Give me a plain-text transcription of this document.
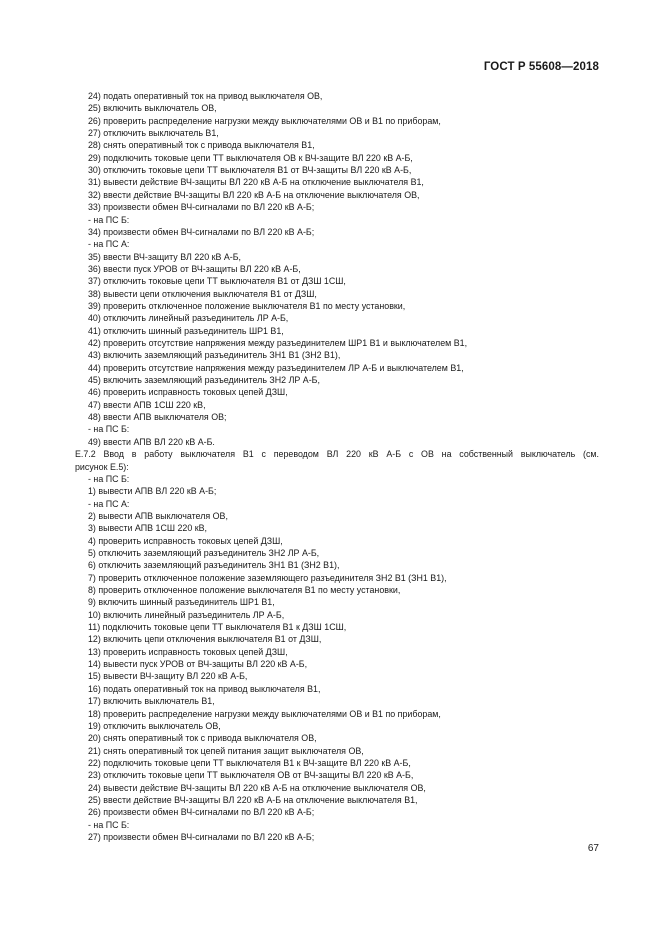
ГОСТ Р 55608—2018
24) подать оперативный ток на привод выключателя ОВ,
25) включить выключатель ОВ,
26) проверить распределение нагрузки между выключателями ОВ и В1 по приборам,
27) отключить выключатель В1,
28) снять оперативный ток с привода выключателя В1,
29) подключить токовые цепи ТТ выключателя ОВ к ВЧ-защите ВЛ 220 кВ А-Б,
30) отключить токовые цепи ТТ выключателя В1 от ВЧ-защиты ВЛ 220 кВ А-Б,
31) вывести действие ВЧ-защиты ВЛ 220 кВ А-Б на отключение выключателя В1,
32) ввести действие ВЧ-защиты ВЛ 220 кВ А-Б на отключение выключателя ОВ,
33) произвести обмен ВЧ-сигналами по ВЛ 220 кВ А-Б;
- на ПС Б:
34) произвести обмен ВЧ-сигналами по ВЛ 220 кВ А-Б;
- на ПС А:
35) ввести ВЧ-защиту ВЛ 220 кВ А-Б,
36) ввести пуск УРОВ от ВЧ-защиты ВЛ 220 кВ А-Б,
37) отключить токовые цепи ТТ выключателя В1 от ДЗШ 1СШ,
38) вывести цепи отключения выключателя В1 от ДЗШ,
39) проверить отключенное положение выключателя В1 по месту установки,
40) отключить линейный разъединитель ЛР А-Б,
41) отключить шинный разъединитель ШР1 В1,
42) проверить отсутствие напряжения между разъединителем ШР1 В1 и выключателем В1,
43) включить заземляющий разъединитель ЗН1 В1 (ЗН2 В1),
44) проверить отсутствие напряжения между разъединителем ЛР А-Б и выключателем В1,
45) включить заземляющий разъединитель ЗН2 ЛР А-Б,
46) проверить исправность токовых цепей ДЗШ,
47) ввести АПВ 1СШ 220 кВ,
48) ввести АПВ выключателя ОВ;
- на ПС Б:
49) ввести АПВ ВЛ 220 кВ А-Б.
Е.7.2 Ввод в работу выключателя В1 с переводом ВЛ 220 кВ А-Б с ОВ на собственный выключатель (см.
рисунок Е.5):
- на ПС Б:
1) вывести АПВ ВЛ 220 кВ А-Б;
- на ПС А:
2) вывести АПВ выключателя ОВ,
3) вывести АПВ 1СШ 220 кВ,
4) проверить исправность токовых цепей ДЗШ,
5) отключить заземляющий разъединитель ЗН2 ЛР А-Б,
6) отключить заземляющий разъединитель ЗН1 В1 (ЗН2 В1),
7) проверить отключенное положение заземляющего разъединителя ЗН2 В1 (ЗН1 В1),
8) проверить отключенное положение выключателя В1 по месту установки,
9) включить шинный разъединитель ШР1 В1,
10) включить линейный разъединитель ЛР А-Б,
11) подключить токовые цепи ТТ выключателя В1 к ДЗШ 1СШ,
12) включить цепи отключения выключателя В1 от ДЗШ,
13) проверить исправность токовых цепей ДЗШ,
14) вывести пуск УРОВ от ВЧ-защиты ВЛ 220 кВ А-Б,
15) вывести ВЧ-защиту ВЛ 220 кВ А-Б,
16) подать оперативный ток на привод выключателя В1,
17) включить выключатель В1,
18) проверить распределение нагрузки между выключателями ОВ и В1 по приборам,
19) отключить выключатель ОВ,
20) снять оперативный ток с привода выключателя ОВ,
21) снять оперативный ток цепей питания защит выключателя ОВ,
22) подключить токовые цепи ТТ выключателя В1 к ВЧ-защите ВЛ 220 кВ А-Б,
23) отключить токовые цепи ТТ выключателя ОВ от ВЧ-защиты ВЛ 220 кВ А-Б,
24) вывести действие ВЧ-защиты ВЛ 220 кВ А-Б на отключение выключателя ОВ,
25) ввести действие ВЧ-защиты ВЛ 220 кВ А-Б на отключение выключателя В1,
26) произвести обмен ВЧ-сигналами по ВЛ 220 кВ А-Б;
- на ПС Б:
27) произвести обмен ВЧ-сигналами по ВЛ 220 кВ А-Б;
67
